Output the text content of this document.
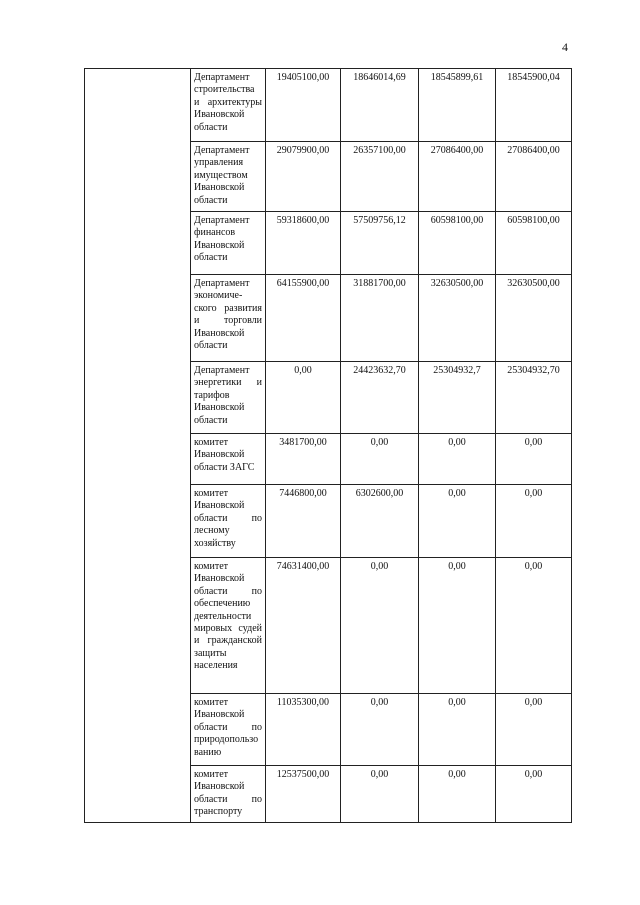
4
	Департамент строительства и архитектуры Ивановской области	19405100,00	18646014,69	18545899,61	18545900,04
	Департамент управления имуществом Ивановской области	29079900,00	26357100,00	27086400,00	27086400,00
	Департамент финансов Ивановской области	59318600,00	57509756,12	60598100,00	60598100,00
	Департамент экономиче-ского развития и торговли Ивановской области	64155900,00	31881700,00	32630500,00	32630500,00
	Департамент энергетики и тарифов Ивановской области	0,00	24423632,70	25304932,7	25304932,70
	комитет Ивановской области ЗАГС	3481700,00	0,00	0,00	0,00
	комитет Ивановской области по лесному хозяйству	7446800,00	6302600,00	0,00	0,00
	комитет Ивановской области по обеспечению деятельности мировых судей и гражданской защиты населения	74631400,00	0,00	0,00	0,00
	комитет Ивановской области по природопользо ванию	11035300,00	0,00	0,00	0,00
	комитет Ивановской области по транспорту	12537500,00	0,00	0,00	0,00
